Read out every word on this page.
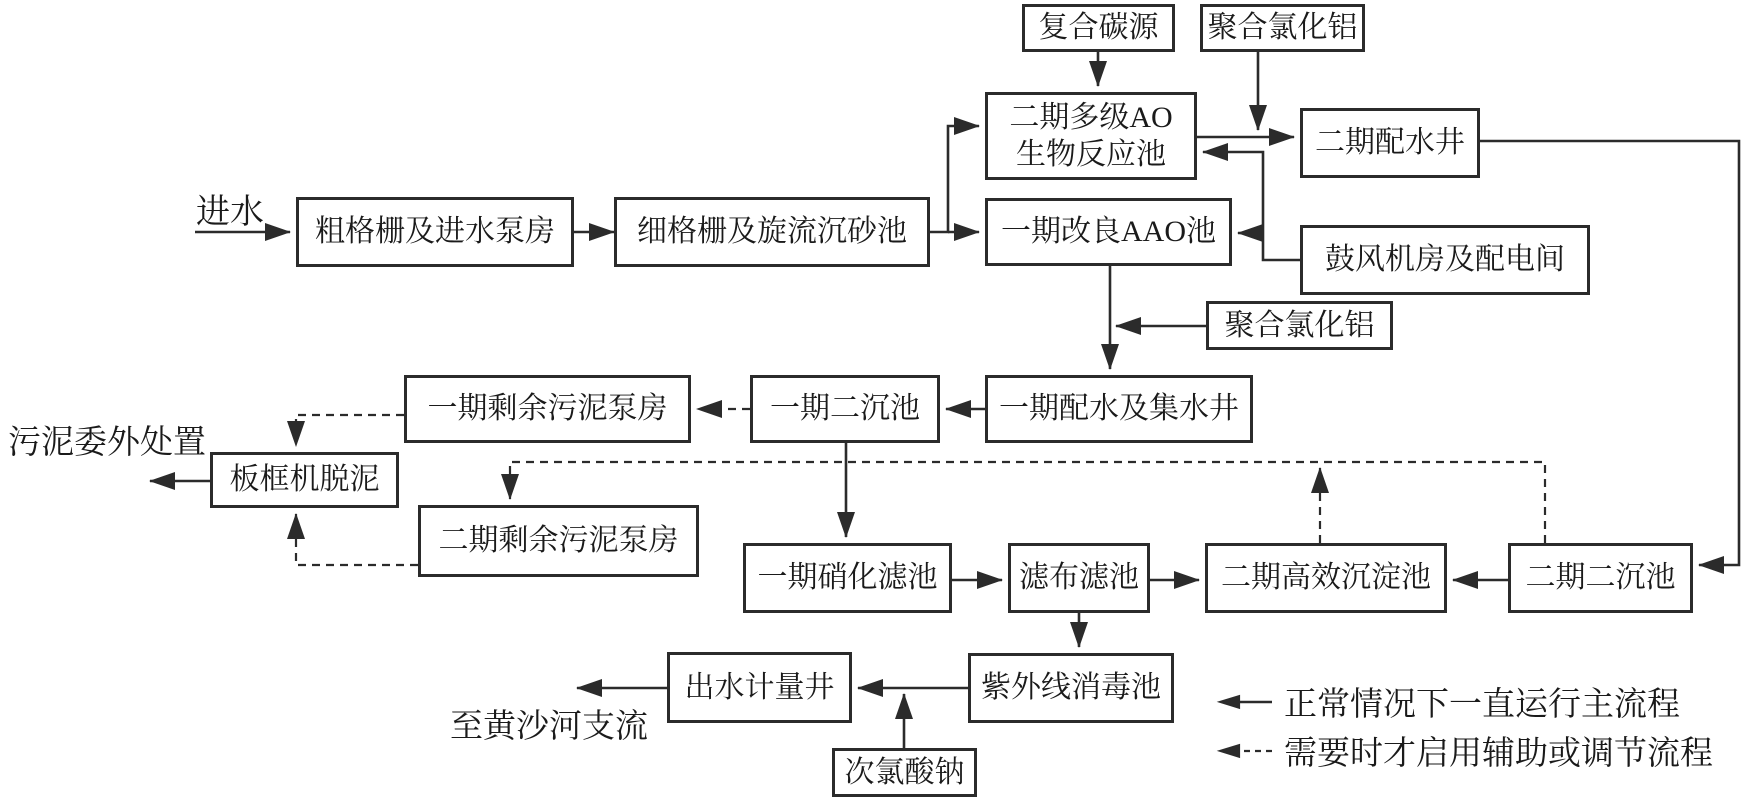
复合碳源 聚合氯化铝
二期多级AO
生物反应池	二期配水井
粗格栅及进水泵房	细格栅及旋流沉砂池	一期改良AAO池
鼓风机房及配电间
聚合氯化铝
一期配水及集水井
一期二沉池
一期剩余污泥泵房
板框机脱泥
二期剩余污泥泵房
一期硝化滤池	滤布滤池	二期高效沉淀池	二期二沉池
紫外线消毒池
出水计量井
次氯酸钠
进水
污泥委外处置
至黄沙河支流
正常情况下一直运行主流程
需要时才启用辅助或调节流程
